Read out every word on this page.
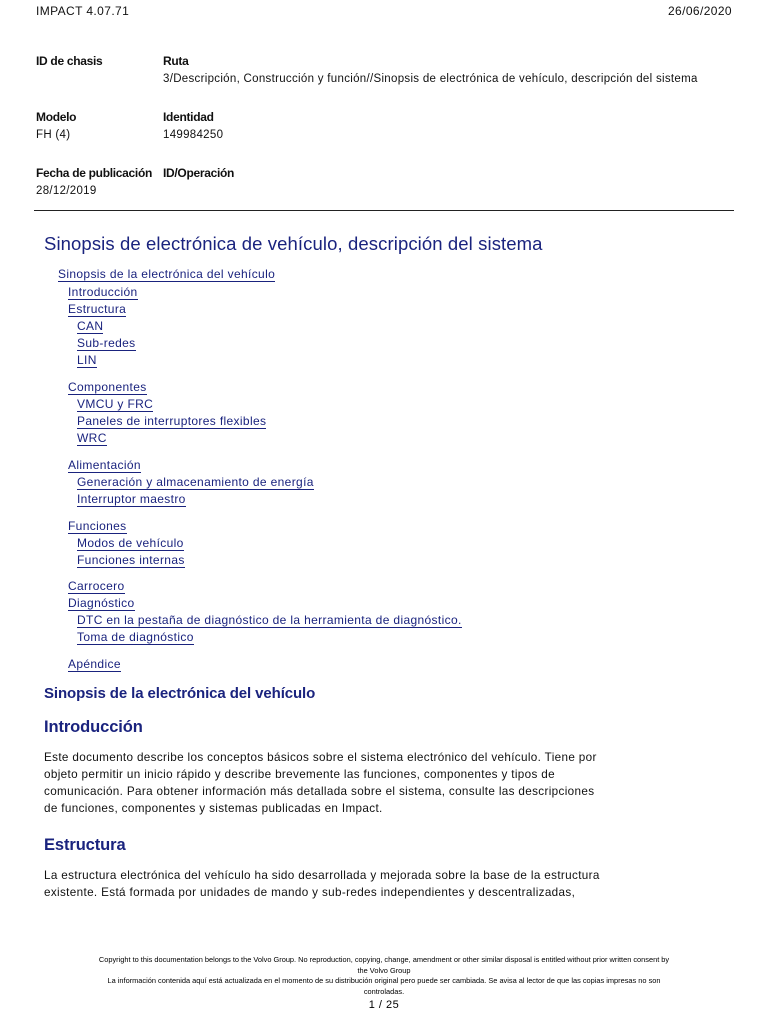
IMPACT 4.07.71	26/06/2020
ID de chasis	Ruta
3/Descripción, Construcción y función//Sinopsis de electrónica de vehículo, descripción del sistema
Modelo
FH (4)
Identidad
149984250
Fecha de publicación
28/12/2019
ID/Operación
Sinopsis de electrónica de vehículo, descripción del sistema
Sinopsis de la electrónica del vehículo
Introducción
Estructura
CAN
Sub-redes
LIN
Componentes
VMCU y FRC
Paneles de interruptores flexibles
WRC
Alimentación
Generación y almacenamiento de energía
Interruptor maestro
Funciones
Modos de vehículo
Funciones internas
Carrocero
Diagnóstico
DTC en la pestaña de diagnóstico de la herramienta de diagnóstico.
Toma de diagnóstico
Apéndice
Sinopsis de la electrónica del vehículo
Introducción
Este documento describe los conceptos básicos sobre el sistema electrónico del vehículo. Tiene por
objeto permitir un inicio rápido y describe brevemente las funciones, componentes y tipos de
comunicación. Para obtener información más detallada sobre el sistema, consulte las descripciones
de funciones, componentes y sistemas publicadas en Impact.
Estructura
La estructura electrónica del vehículo ha sido desarrollada y mejorada sobre la base de la estructura
existente. Está formada por unidades de mando y sub-redes independientes y descentralizadas,
Copyright to this documentation belongs to the Volvo Group. No reproduction, copying, change, amendment or other similar disposal is entitled without prior written consent by
the Volvo Group
La información contenida aquí está actualizada en el momento de su distribución original pero puede ser cambiada. Se avisa al lector de que las copias impresas no son
controladas.
1 / 25
